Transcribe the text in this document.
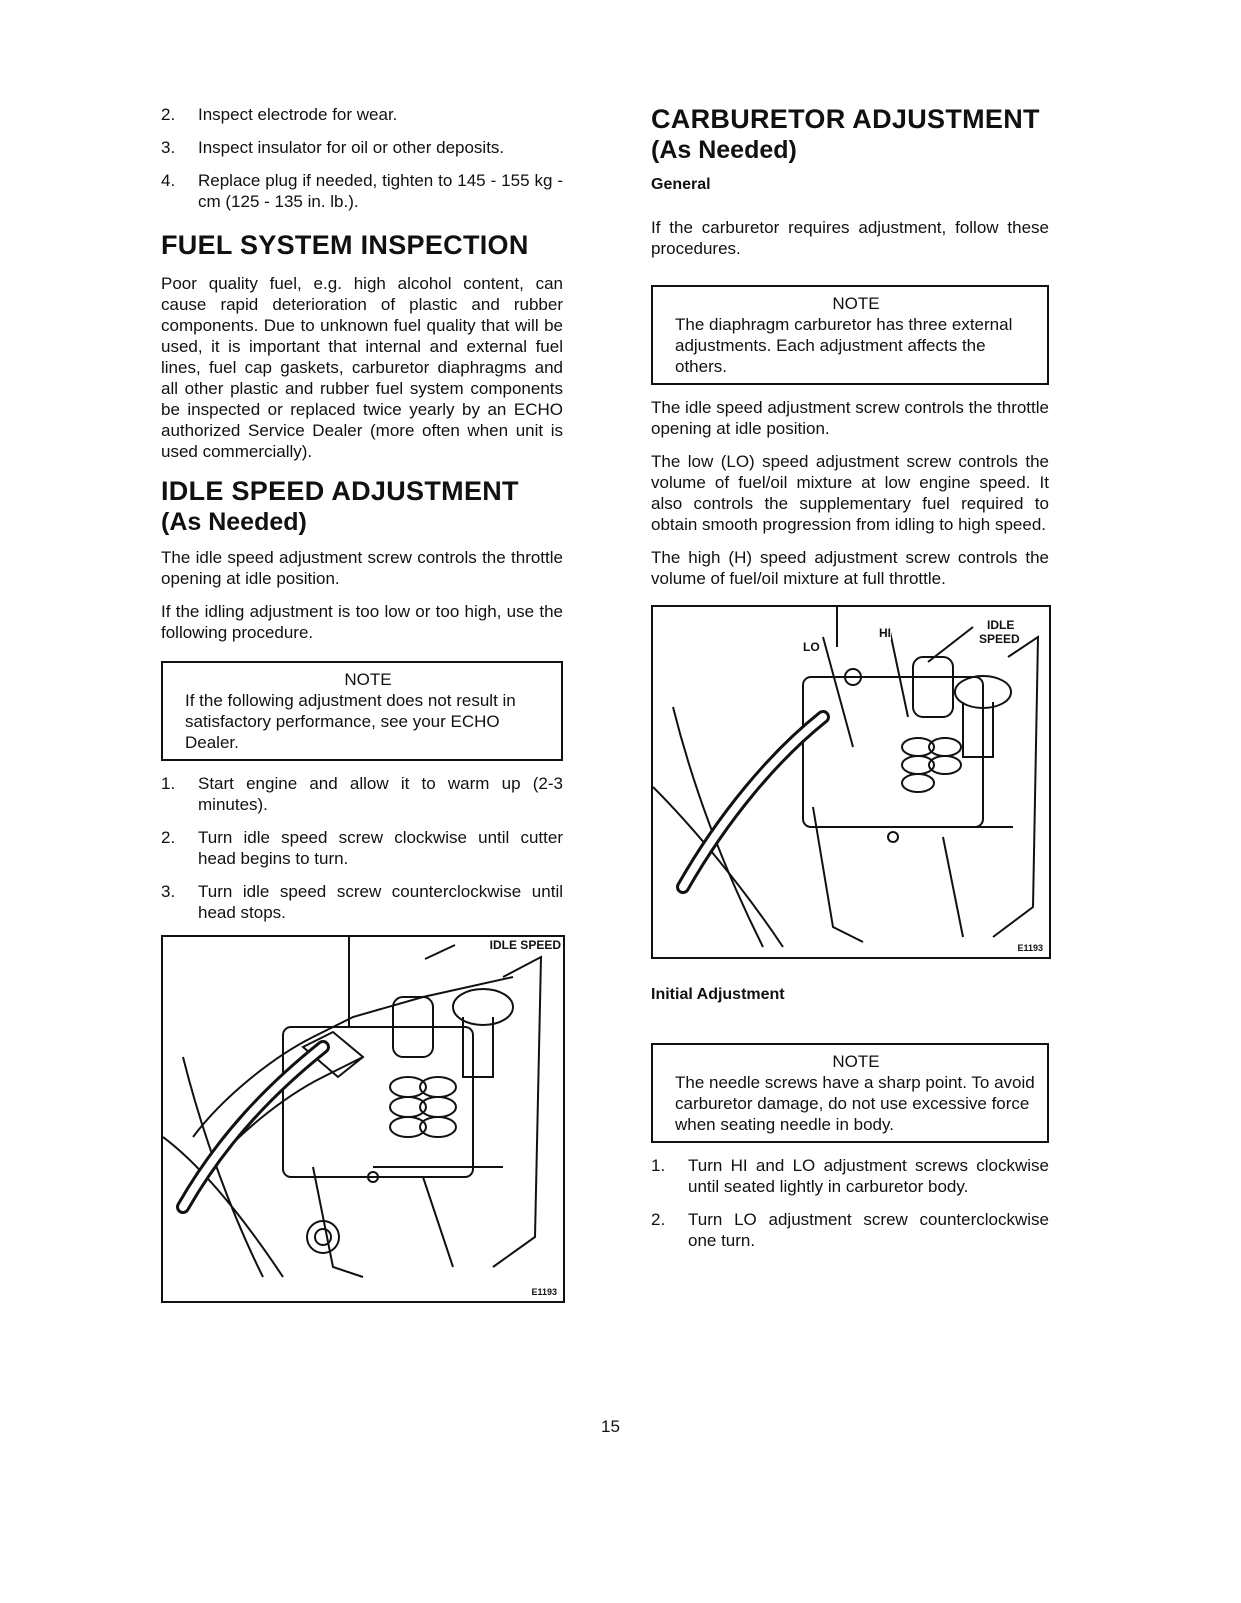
2.	Inspect electrode for wear.
3.	Inspect insulator for oil or other deposits.
4.	Replace plug if needed, tighten to 145 - 155 kg - cm (125 - 135 in. lb.).
FUEL SYSTEM INSPECTION

Poor quality fuel, e.g. high alcohol content, can cause rapid deterioration of plastic and rubber components. Due to unknown fuel quality that will be used, it is important that internal and external fuel lines, fuel cap gaskets, carburetor diaphragms and all other plastic and rubber fuel system components be inspected or replaced twice yearly by an ECHO authorized Service Dealer (more often when unit is used commercially).

IDLE SPEED ADJUSTMENT
(As Needed)

The idle speed adjustment screw controls the throttle opening at idle position.

If the idling adjustment is too low or too high, use the following procedure.

NOTE
If the following adjustment does not result in satisfactory performance, see your ECHO Dealer.
1.	Start engine and allow it to warm up (2-3 minutes).
2.	Turn idle speed screw clockwise until cutter head begins to turn.
3.	Turn idle speed screw counterclockwise until head stops.
IDLE SPEED
E1193
CARBURETOR ADJUSTMENT
(As Needed)
General

If the carburetor requires adjustment, follow these procedures.

NOTE
The diaphragm carburetor has three external adjustments. Each adjustment affects the others.

The idle speed adjustment screw controls the throttle opening at idle position.

The low (LO) speed adjustment screw controls the volume of fuel/oil mixture at low engine speed. It also controls the supplementary fuel required to obtain smooth progression from idling to high speed.

The high (H) speed adjustment screw controls the volume of fuel/oil mixture at full throttle.

LO
HI
IDLE
SPEED
E1193
Initial Adjustment
NOTE
The needle screws have a sharp point. To avoid carburetor damage, do not use excessive force when seating needle in body.
1.	Turn HI and LO adjustment screws clockwise until seated lightly in carburetor body.
2.	Turn LO adjustment screw counterclockwise one turn.
15
